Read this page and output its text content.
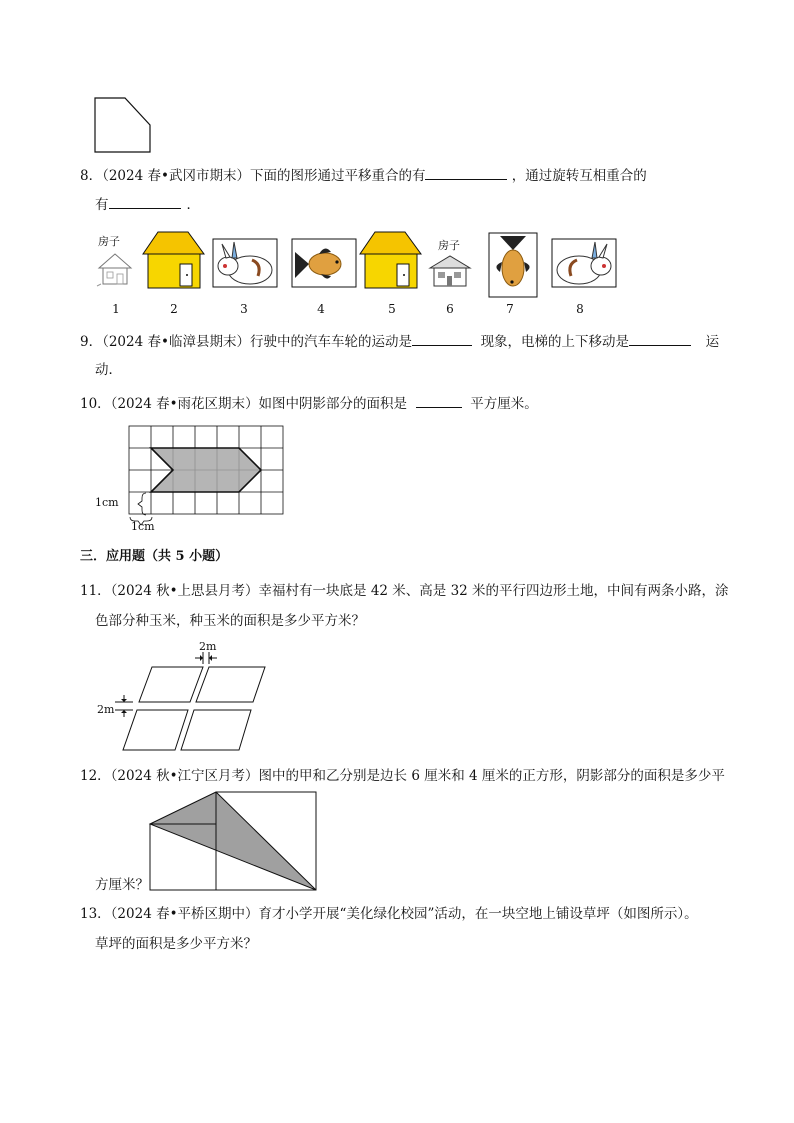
8．（2024 春•武冈市期末）下面的图形通过平移重合的有	，通过旋转互相重合的
有	．
房子	房子
1	2	3	4	5	6	7	8
9．（2024 春•临漳县期末）行驶中的汽车车轮的运动是	现象，电梯的上下移动是	运
动．
10．（2024 春•雨花区期末）如图中阴影部分的面积是	平方厘米。
1cm
1cm
三．应用题（共 5 小题）
11．（2024 秋•上思县月考）幸福村有一块底是 42 米、高是 32 米的平行四边形土地，中间有两条小路，涂
色部分种玉米，种玉米的面积是多少平方米？
2m
2m
12．（2024 秋•江宁区月考）图中的甲和乙分别是边长 6 厘米和 4 厘米的正方形，阴影部分的面积是多少平
方厘米？
13．（2024 春•平桥区期中）育才小学开展“美化绿化校园”活动，在一块空地上铺设草坪（如图所示）。
草坪的面积是多少平方米？
